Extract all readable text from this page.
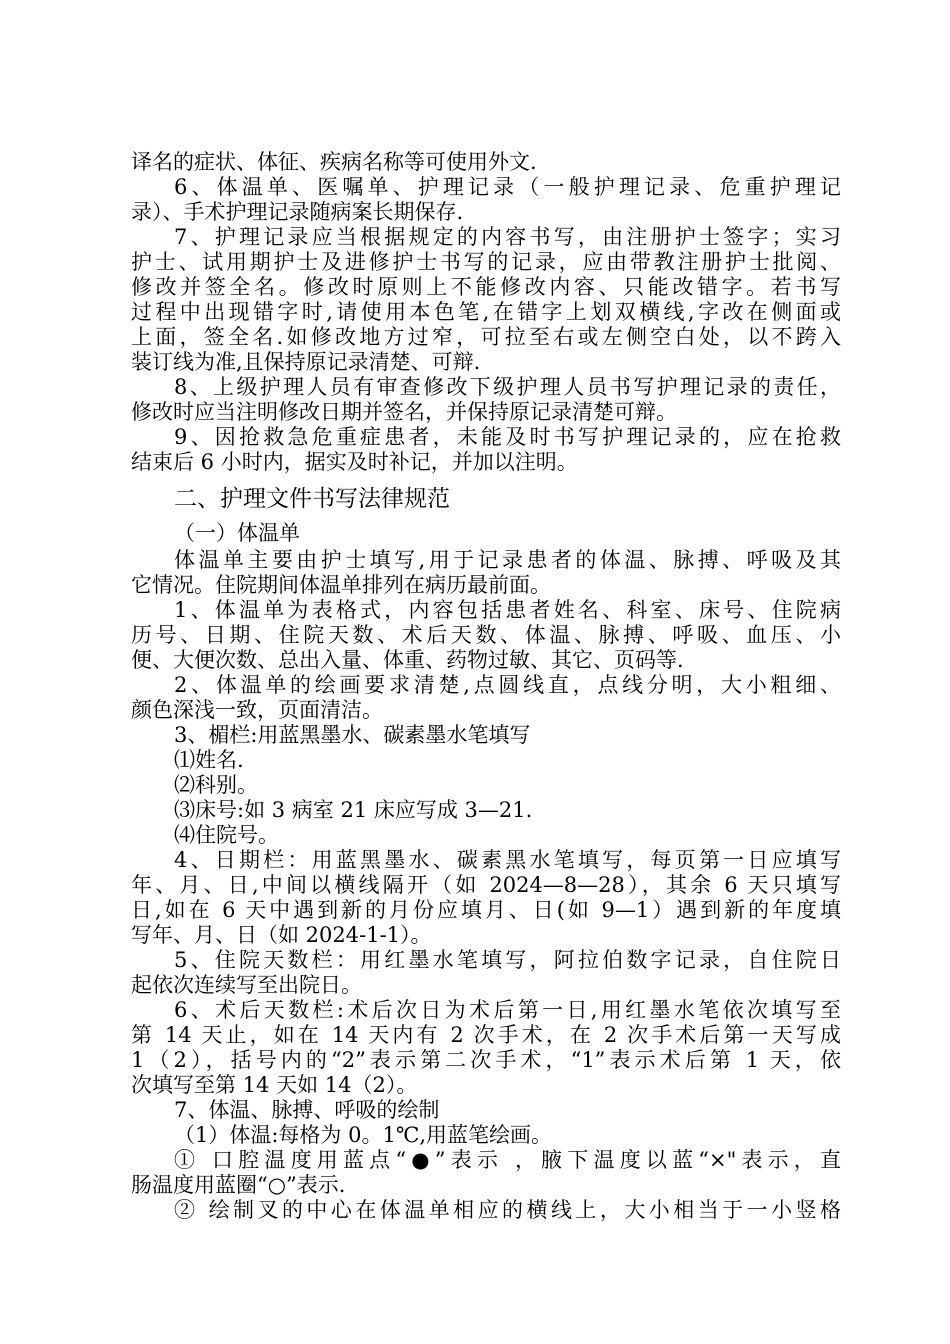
译名的症状、体征、疾病名称等可使用外文.
6、体温单、医嘱单、护理记录（一般护理记录、危重护理记
录）、手术护理记录随病案长期保存.
7、护理记录应当根据规定的内容书写，由注册护士签字；实习
护士、试用期护士及进修护士书写的记录，应由带教注册护士批阅、
修改并签全名。修改时原则上不能修改内容、只能改错字。若书写
过程中出现错字时,请使用本色笔,在错字上划双横线,字改在侧面或
上面，签全名.如修改地方过窄，可拉至右或左侧空白处，以不跨入
装订线为准,且保持原记录清楚、可辩.
8、上级护理人员有审查修改下级护理人员书写护理记录的责任，
修改时应当注明修改日期并签名，并保持原记录清楚可辩。
9、因抢救急危重症患者，未能及时书写护理记录的，应在抢救
结束后 6 小时内，据实及时补记，并加以注明。
二、护理文件书写法律规范
（一）体温单
体温单主要由护士填写,用于记录患者的体温、脉搏、呼吸及其
它情况。住院期间体温单排列在病历最前面。
1、体温单为表格式，内容包括患者姓名、科室、床号、住院病
历号、日期、住院天数、术后天数、体温、脉搏、呼吸、血压、小
便、大便次数、总出入量、体重、药物过敏、其它、页码等.
2、体温单的绘画要求清楚,点圆线直，点线分明，大小粗细、
颜色深浅一致，页面清洁。
3、楣栏:用蓝黑墨水、碳素墨水笔填写
⑴姓名.
⑵科别。
⑶床号:如 3 病室 21 床应写成 3—21.
⑷住院号。
4、日期栏：用蓝黑墨水、碳素黑水笔填写，每页第一日应填写
年、月、日,中间以横线隔开（如 2024—8—28），其余 6 天只填写
日,如在 6 天中遇到新的月份应填月、日(如 9—1）遇到新的年度填
写年、月、日（如 2024-1-1）。
5、住院天数栏：用红墨水笔填写，阿拉伯数字记录，自住院日
起依次连续写至出院日。
6、术后天数栏:术后次日为术后第一日,用红墨水笔依次填写至
第 14 天止，如在 14 天内有 2 次手术，在 2 次手术后第一天写成
1（2），括号内的“2”表示第二次手术，“1”表示术后第 1 天，依
次填写至第 14 天如 14（2）。
7、体温、脉搏、呼吸的绘制
（1）体温:每格为 0。1℃,用蓝笔绘画。
① 口腔温度用蓝点“●”表示 ，腋下温度以蓝“×"表示，直
肠温度用蓝圈“○”表示.
② 绘制叉的中心在体温单相应的横线上，大小相当于一小竖格
